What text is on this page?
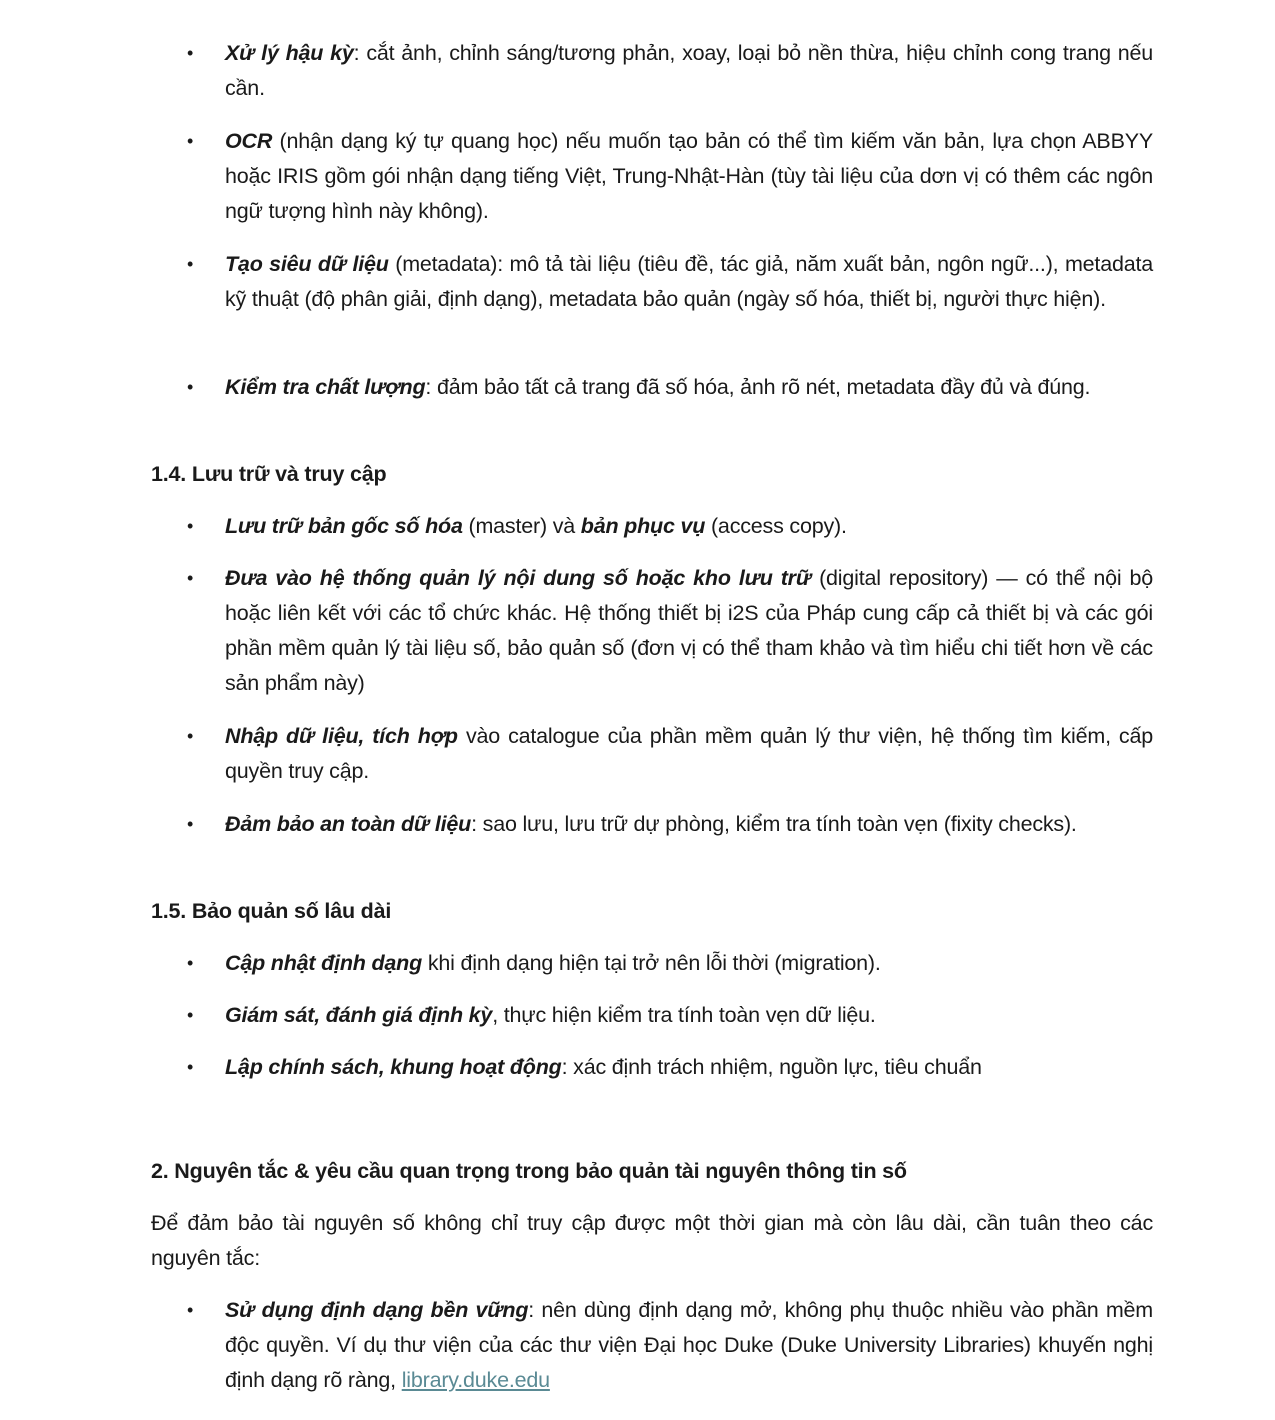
• Xử lý hậu kỳ: cắt ảnh, chỉnh sáng/tương phản, xoay, loại bỏ nền thừa, hiệu chỉnh cong trang nếu cần.
• OCR (nhận dạng ký tự quang học) nếu muốn tạo bản có thể tìm kiếm văn bản, lựa chọn ABBYY hoặc IRIS gồm gói nhận dạng tiếng Việt, Trung-Nhật-Hàn (tùy tài liệu của dơn vị có thêm các ngôn ngữ tượng hình này không).
• Tạo siêu dữ liệu (metadata): mô tả tài liệu (tiêu đề, tác giả, năm xuất bản, ngôn ngữ...), metadata kỹ thuật (độ phân giải, định dạng), metadata bảo quản (ngày số hóa, thiết bị, người thực hiện).
• Kiểm tra chất lượng: đảm bảo tất cả trang đã số hóa, ảnh rõ nét, metadata đầy đủ và đúng.

1.4. Lưu trữ và truy cập

• Lưu trữ bản gốc số hóa (master) và bản phục vụ (access copy).
• Đưa vào hệ thống quản lý nội dung số hoặc kho lưu trữ (digital repository) — có thể nội bộ hoặc liên kết với các tổ chức khác. Hệ thống thiết bị i2S của Pháp cung cấp cả thiết bị và các gói phần mềm quản lý tài liệu số, bảo quản số (đơn vị có thể tham khảo và tìm hiểu chi tiết hơn về các sản phẩm này)
• Nhập dữ liệu, tích hợp vào catalogue của phần mềm quản lý thư viện, hệ thống tìm kiếm, cấp quyền truy cập.
• Đảm bảo an toàn dữ liệu: sao lưu, lưu trữ dự phòng, kiểm tra tính toàn vẹn (fixity checks).

1.5. Bảo quản số lâu dài

• Cập nhật định dạng khi định dạng hiện tại trở nên lỗi thời (migration).
• Giám sát, đánh giá định kỳ, thực hiện kiểm tra tính toàn vẹn dữ liệu.
• Lập chính sách, khung hoạt động: xác định trách nhiệm, nguồn lực, tiêu chuẩn

2. Nguyên tắc & yêu cầu quan trọng trong bảo quản tài nguyên thông tin số

Để đảm bảo tài nguyên số không chỉ truy cập được một thời gian mà còn lâu dài, cần tuân theo các nguyên tắc:

• Sử dụng định dạng bền vững: nên dùng định dạng mở, không phụ thuộc nhiều vào phần mềm độc quyền. Ví dụ thư viện của các thư viện Đại học Duke (Duke University Libraries) khuyến nghị định dạng rõ ràng, library.duke.edu
